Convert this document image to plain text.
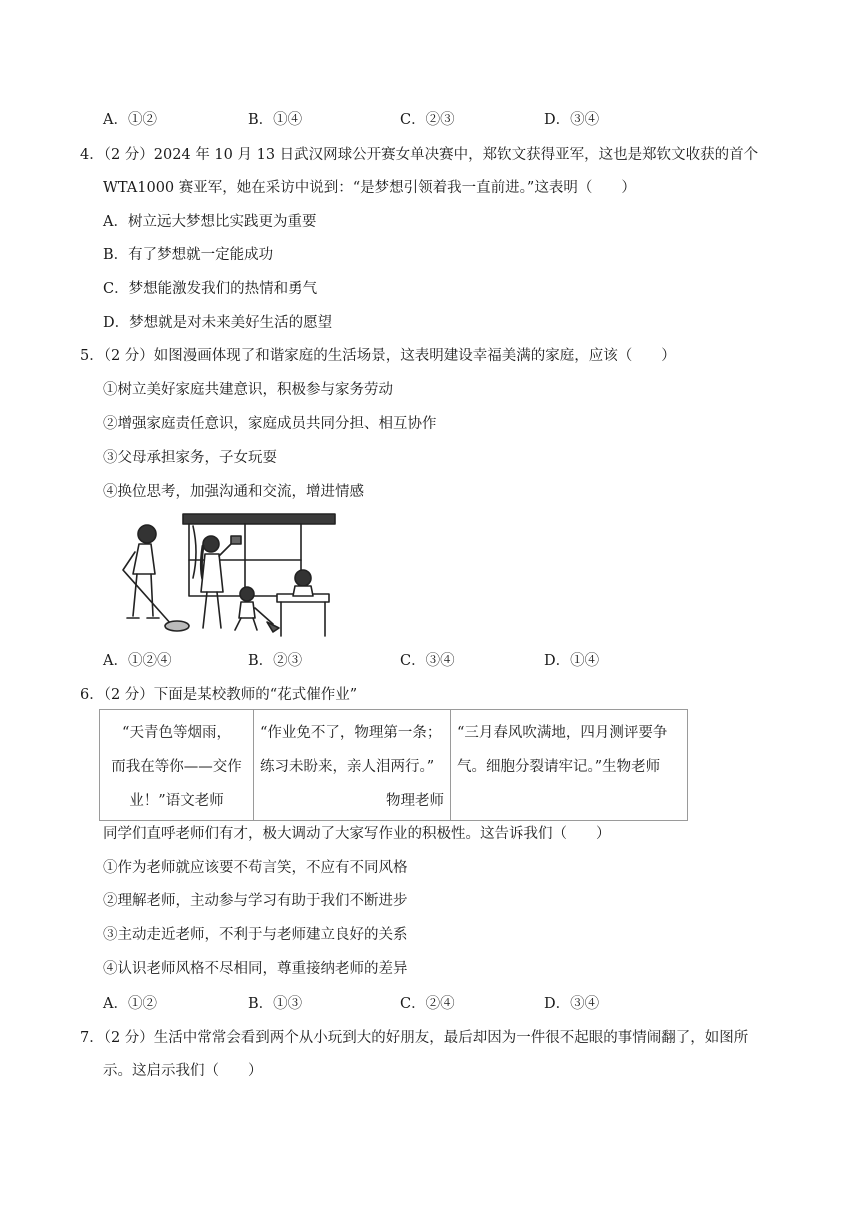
A．①②	B．①④	C．②③	D．③④
4．（2 分）2024 年 10 月 13 日武汉网球公开赛女单决赛中，郑钦文获得亚军，这也是郑钦文收获的首个
WTA1000 赛亚军，她在采访中说到：“是梦想引领着我一直前进。”这表明（　　）
A．树立远大梦想比实践更为重要
B．有了梦想就一定能成功
C．梦想能激发我们的热情和勇气
D．梦想就是对未来美好生活的愿望
5．（2 分）如图漫画体现了和谐家庭的生活场景，这表明建设幸福美满的家庭，应该（　　）
①树立美好家庭共建意识，积极参与家务劳动
②增强家庭责任意识，家庭成员共同分担、相互协作
③父母承担家务，子女玩耍
④换位思考，加强沟通和交流，增进情感
A．①②④	B．②③	C．③④	D．①④
6．（2 分）下面是某校教师的“花式催作业”
“天青色等烟雨，
而我在等你——交作
业！”语文老师

“作业免不了，物理第一条；
练习未盼来，亲人泪两行。”
物理老师

“三月春风吹满地，四月测评要争
气。细胞分裂请牢记。”生物老师
同学们直呼老师们有才，极大调动了大家写作业的积极性。这告诉我们（　　）
①作为老师就应该要不苟言笑，不应有不同风格
②理解老师，主动参与学习有助于我们不断进步
③主动走近老师，不利于与老师建立良好的关系
④认识老师风格不尽相同，尊重接纳老师的差异
A．①②	B．①③	C．②④	D．③④
7．（2 分）生活中常常会看到两个从小玩到大的好朋友，最后却因为一件很不起眼的事情闹翻了，如图所
示。这启示我们（　　）
